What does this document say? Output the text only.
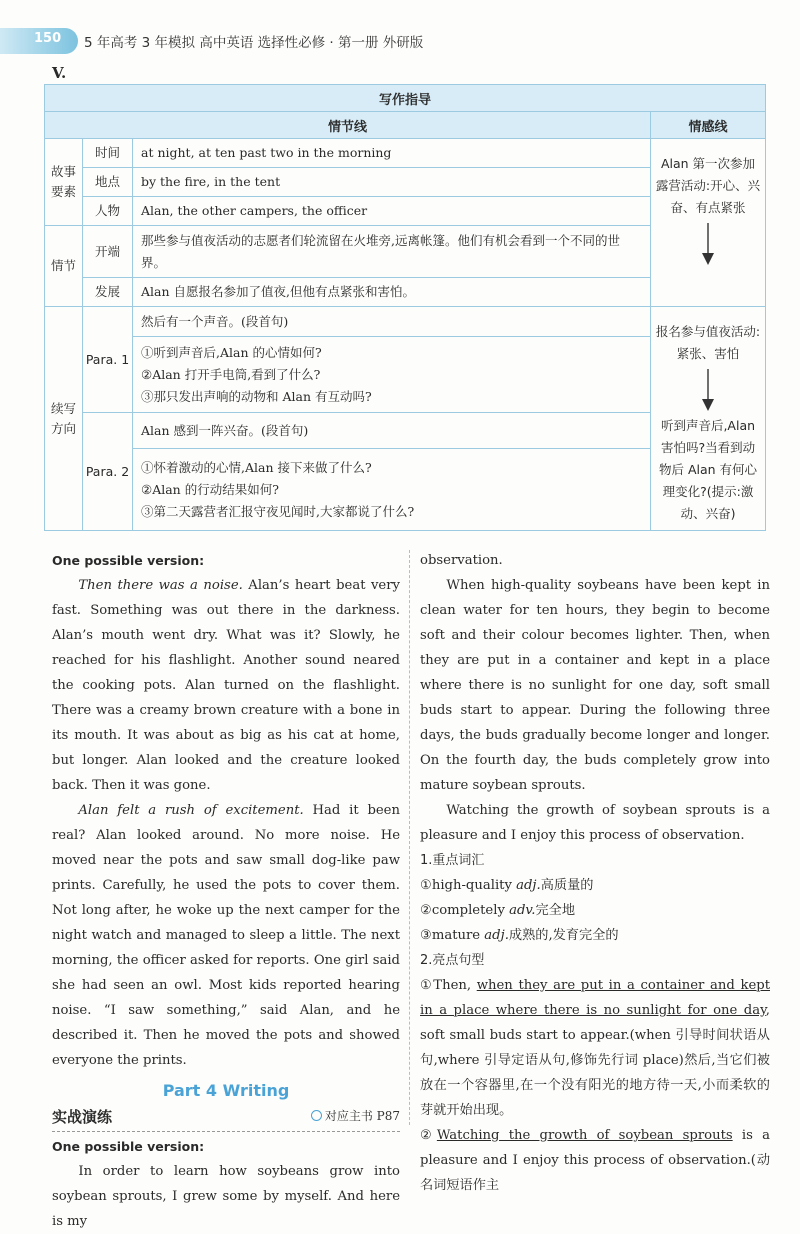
150 5 年高考 3 年模拟 高中英语 选择性必修 · 第一册 外研版
V.
写作指导			
情节线			情感线
故事要素	时间	at night, at ten past two in the morning	Alan 第一次参加露营活动:开心、兴奋、有点紧张

	地点	by the fire, in the tent	
	人物	Alan, the other campers, the officer	
情节	开端	那些参与值夜活动的志愿者们轮流留在火堆旁,远离帐篷。他们有机会看到一个不同的世界。	
	发展	Alan 自愿报名参加了值夜,但他有点紧张和害怕。	
续写方向	Para. 1	然后有一个声音。(段首句)	报名参与值夜活动:紧张、害怕
听到声音后,Alan 害怕吗?当看到动物后 Alan 有何心理变化?(提示:激动、兴奋)

		①听到声音后,Alan 的心情如何?
②Alan 打开手电筒,看到了什么?
③那只发出声响的动物和 Alan 有互动吗?	

	Para. 2	Alan 感到一阵兴奋。(段首句)	

		①怀着激动的心情,Alan 接下来做了什么?
②Alan 的行动结果如何?
③第二天露营者汇报守夜见闻时,大家都说了什么?	
One possible version:

Then there was a noise. Alan’s heart beat very fast. Something was out there in the darkness. Alan’s mouth went dry. What was it? Slowly, he reached for his flashlight. Another sound neared the cooking pots. Alan turned on the flashlight. There was a creamy brown creature with a bone in its mouth. It was about as big as his cat at home, but longer. Alan looked and the creature looked back. Then it was gone.

Alan felt a rush of excitement. Had it been real? Alan looked around. No more noise. He moved near the pots and saw small dog-like paw prints. Carefully, he used the pots to cover them. Not long after, he woke up the next camper for the night watch and managed to sleep a little. The next morning, the officer asked for reports. One girl said she had seen an owl. Most kids reported hearing noise. “I saw something,” said Alan, and he described it. Then he moved the pots and showed everyone the prints.

Part 4 Writing
实战演练	对应主书 P87
One possible version:

In order to learn how soybeans grow into soybean sprouts, I grew some by myself. And here is my

observation.

When high-quality soybeans have been kept in clean water for ten hours, they begin to become soft and their colour becomes lighter. Then, when they are put in a container and kept in a place where there is no sunlight for one day, soft small buds start to appear. During the following three days, the buds gradually become longer and longer. On the fourth day, the buds completely grow into mature soybean sprouts.

Watching the growth of soybean sprouts is a pleasure and I enjoy this process of observation.

1.重点词汇
①high-quality adj.高质量的
②completely adv.完全地
③mature adj.成熟的,发育完全的
2.亮点句型
①Then, when they are put in a container and kept in a place where there is no sunlight for one day, soft small buds start to appear.(when 引导时间状语从句,where 引导定语从句,修饰先行词 place)然后,当它们被放在一个容器里,在一个没有阳光的地方待一天,小而柔软的芽就开始出现。
②Watching the growth of soybean sprouts is a pleasure and I enjoy this process of observation.(动名词短语作主
